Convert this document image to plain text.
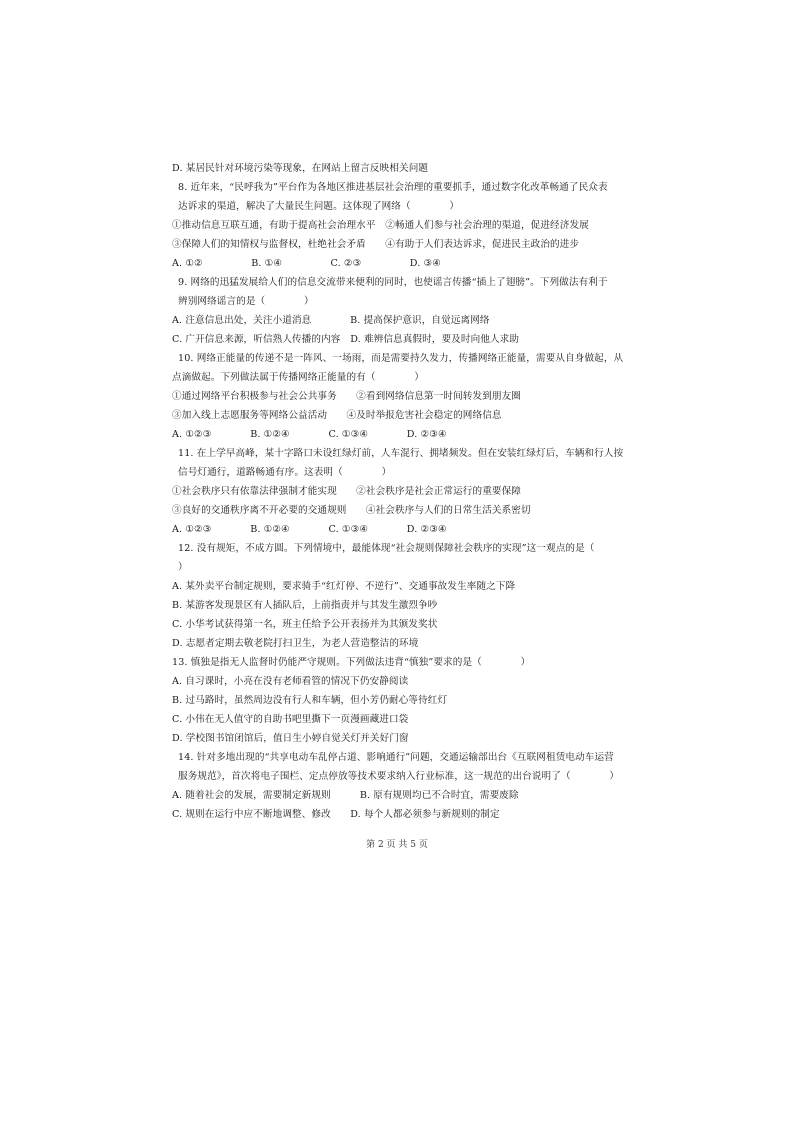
D. 某居民针对环境污染等现象，在网站上留言反映相关问题
8. 近年来，“民呼我为”平台作为各地区推进基层社会治理的重要抓手，通过数字化改革畅通了民众表
达诉求的渠道，解决了大量民生问题。这体现了网络（　　　　）
①推动信息互联互通，有助于提高社会治理水平　②畅通人们参与社会治理的渠道，促进经济发展
③保障人们的知情权与监督权，杜绝社会矛盾　　④有助于人们表达诉求，促进民主政治的进步
A. ①②　　　　　B. ①④　　　　　C. ②③　　　　　D. ③④
9. 网络的迅猛发展给人们的信息交流带来便利的同时，也使谣言传播“插上了翅膀”。下列做法有利于
辨别网络谣言的是（　　　　）
A. 注意信息出处，关注小道消息　　　　B. 提高保护意识，自觉远离网络
C. 广开信息来源，听信熟人传播的内容　D. 难辨信息真假时，要及时向他人求助
10. 网络正能量的传递不是一阵风、一场雨，而是需要持久发力，传播网络正能量，需要从自身做起，从
点滴做起。下列做法属于传播网络正能量的有（　　　　）
①通过网络平台积极参与社会公共事务　　②看到网络信息第一时间转发到朋友圈
③加入线上志愿服务等网络公益活动　　④及时举报危害社会稳定的网络信息
A. ①②③　　　　B. ①②④　　　　C. ①③④　　　　D. ②③④
11. 在上学早高峰，某十字路口未设红绿灯前，人车混行、拥堵频发。但在安装红绿灯后，车辆和行人按
信号灯通行，道路畅通有序。这表明（　　　　）
①社会秩序只有依靠法律强制才能实现　　②社会秩序是社会正常运行的重要保障
③良好的交通秩序离不开必要的交通规则　　④社会秩序与人们的日常生活关系密切
A. ①②③　　　　B. ①②④　　　　C. ①③④　　　　D. ②③④
12. 没有规矩，不成方圆。下列情境中，最能体现“社会规则保障社会秩序的实现”这一观点的是（
）
A. 某外卖平台制定规则，要求骑手“红灯停、不逆行”、交通事故发生率随之下降
B. 某游客发现景区有人插队后，上前指责并与其发生激烈争吵
C. 小华考试获得第一名，班主任给予公开表扬并为其颁发奖状
D. 志愿者定期去敬老院打扫卫生，为老人营造整洁的环境
13. 慎独是指无人监督时仍能严守规则。下列做法违背“慎独”要求的是（　　　　）
A. 自习课时，小亮在没有老师看管的情况下仍安静阅读
B. 过马路时，虽然周边没有行人和车辆，但小芳仍耐心等待红灯
C. 小伟在无人值守的自助书吧里撕下一页漫画藏进口袋
D. 学校图书馆闭馆后，值日生小婷自觉关灯并关好门窗
14. 针对多地出现的“共享电动车乱停占道、影响通行”问题，交通运输部出台《互联网租赁电动车运营
服务规范》，首次将电子围栏、定点停放等技术要求纳入行业标准，这一规范的出台说明了（　　　　）
A. 随着社会的发展，需要制定新规则　　　B. 原有规则均已不合时宜，需要废除
C. 规则在运行中应不断地调整、修改　　D. 每个人都必须参与新规则的制定
第 2 页 共 5 页
